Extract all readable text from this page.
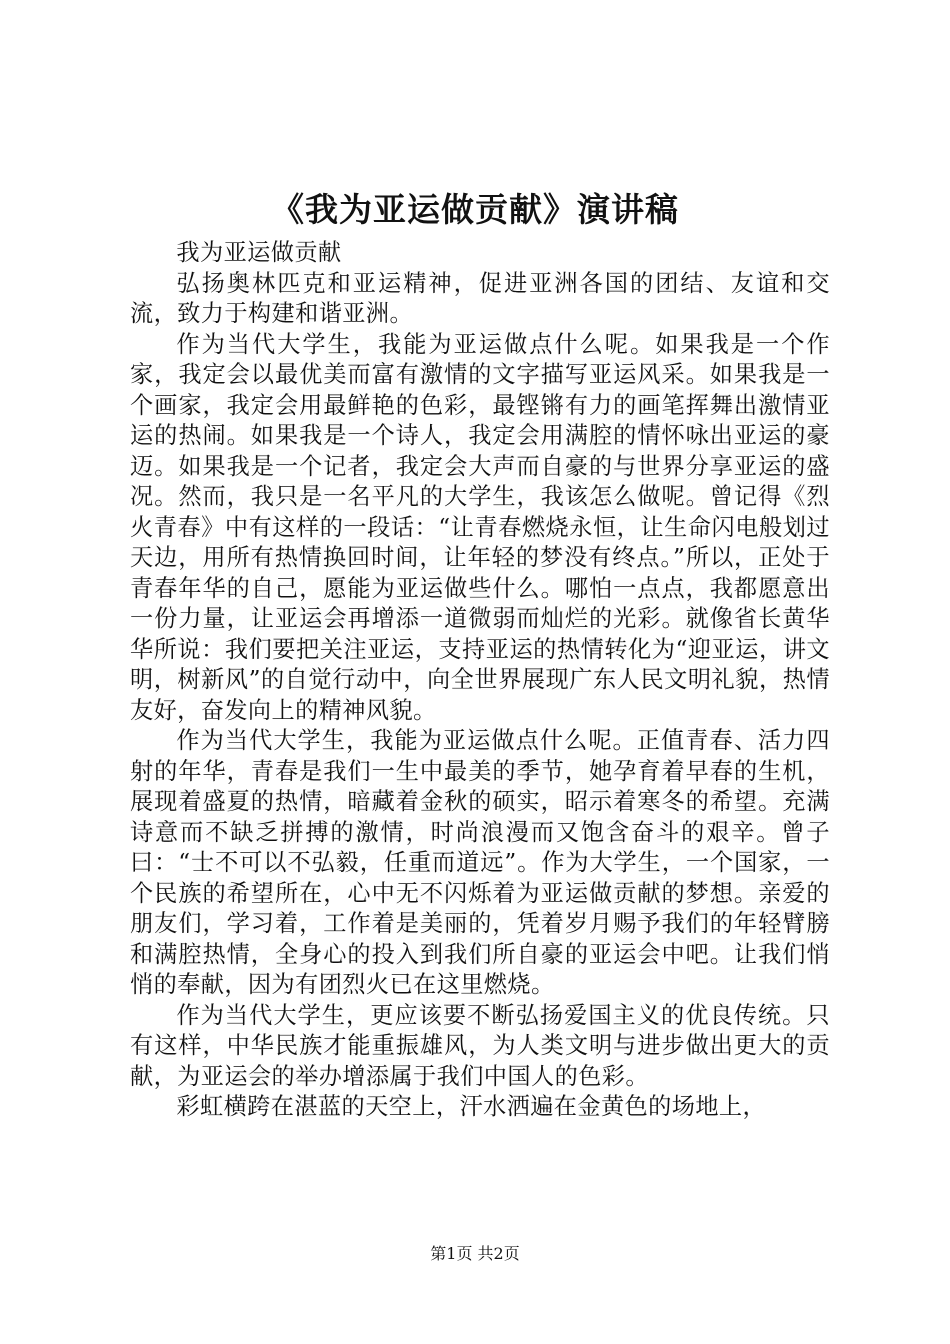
《我为亚运做贡献》演讲稿

我为亚运做贡献

弘扬奥林匹克和亚运精神，促进亚洲各国的团结、友谊和交流，致力于构建和谐亚洲。

作为当代大学生，我能为亚运做点什么呢。如果我是一个作家，我定会以最优美而富有激情的文字描写亚运风采。如果我是一个画家，我定会用最鲜艳的色彩，最铿锵有力的画笔挥舞出激情亚运的热闹。如果我是一个诗人，我定会用满腔的情怀咏出亚运的豪迈。如果我是一个记者，我定会大声而自豪的与世界分享亚运的盛况。然而，我只是一名平凡的大学生，我该怎么做呢。曾记得《烈火青春》中有这样的一段话：“让青春燃烧永恒，让生命闪电般划过天边，用所有热情换回时间，让年轻的梦没有终点。”所以，正处于青春年华的自己，愿能为亚运做些什么。哪怕一点点，我都愿意出一份力量，让亚运会再增添一道微弱而灿烂的光彩。就像省长黄华华所说：我们要把关注亚运，支持亚运的热情转化为“迎亚运，讲文明，树新风”的自觉行动中，向全世界展现广东人民文明礼貌，热情友好，奋发向上的精神风貌。

作为当代大学生，我能为亚运做点什么呢。正值青春、活力四射的年华，青春是我们一生中最美的季节，她孕育着早春的生机，展现着盛夏的热情，暗藏着金秋的硕实，昭示着寒冬的希望。充满诗意而不缺乏拼搏的激情，时尚浪漫而又饱含奋斗的艰辛。曾子曰：“士不可以不弘毅，任重而道远”。作为大学生，一个国家，一个民族的希望所在，心中无不闪烁着为亚运做贡献的梦想。亲爱的朋友们，学习着，工作着是美丽的，凭着岁月赐予我们的年轻臂膀和满腔热情，全身心的投入到我们所自豪的亚运会中吧。让我们悄悄的奉献，因为有团烈火已在这里燃烧。

作为当代大学生，更应该要不断弘扬爱国主义的优良传统。只有这样，中华民族才能重振雄风，为人类文明与进步做出更大的贡献，为亚运会的举办增添属于我们中国人的色彩。

彩虹横跨在湛蓝的天空上，汗水洒遍在金黄色的场地上，

第1页 共2页
